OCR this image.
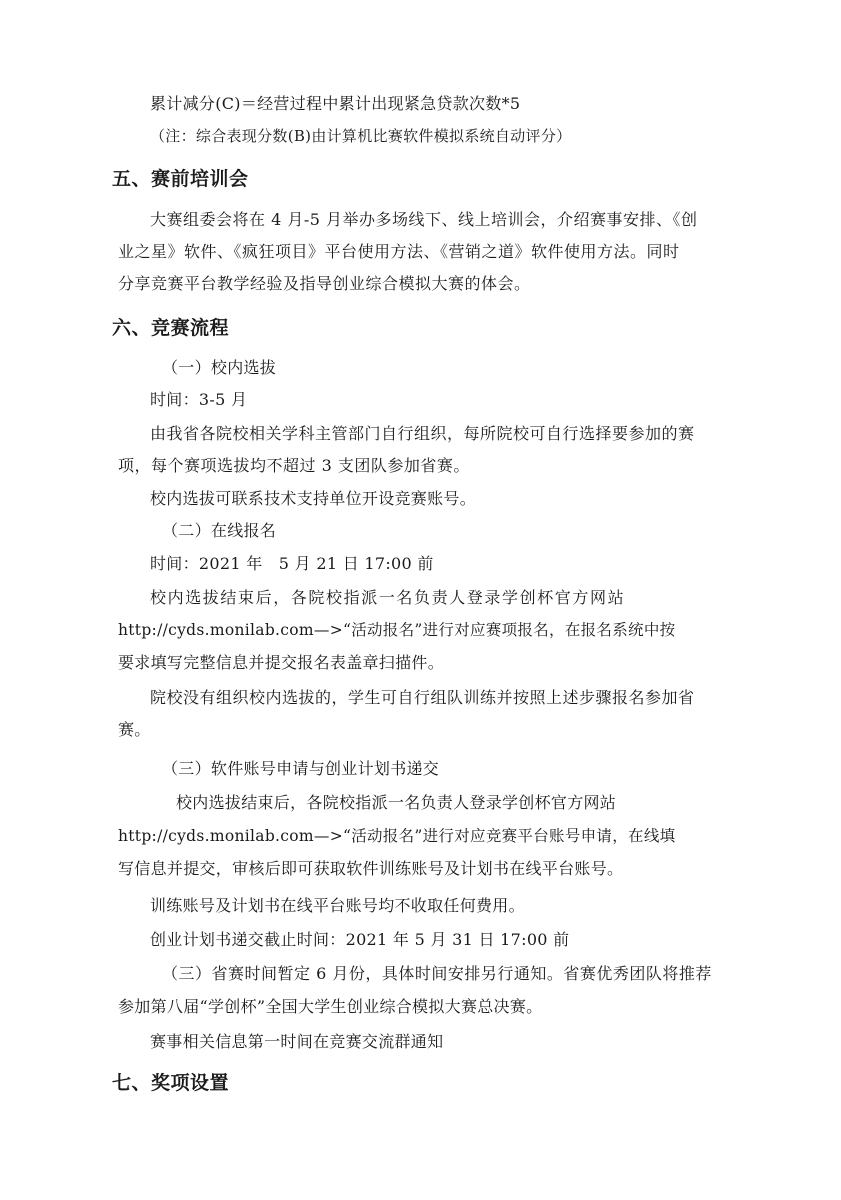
累计减分(C)＝经营过程中累计出现紧急贷款次数*5
（注：综合表现分数(B)由计算机比赛软件模拟系统自动评分）
五、赛前培训会
大赛组委会将在 4 月-5 月举办多场线下、线上培训会，介绍赛事安排、《创
业之星》软件、《疯狂项目》平台使用方法、《营销之道》软件使用方法。同时
分享竞赛平台教学经验及指导创业综合模拟大赛的体会。
六、竞赛流程
（一）校内选拔
时间：3-5 月
由我省各院校相关学科主管部门自行组织，每所院校可自行选择要参加的赛
项，每个赛项选拔均不超过 3 支团队参加省赛。
校内选拔可联系技术支持单位开设竞赛账号。
（二）在线报名
时间：2021 年　5 月 21 日 17:00 前
校内选拔结束后，各院校指派一名负责人登录学创杯官方网站
http://cyds.monilab.com—>“活动报名”进行对应赛项报名，在报名系统中按
要求填写完整信息并提交报名表盖章扫描件。
院校没有组织校内选拔的，学生可自行组队训练并按照上述步骤报名参加省
赛。
（三）软件账号申请与创业计划书递交
校内选拔结束后，各院校指派一名负责人登录学创杯官方网站
http://cyds.monilab.com—>“活动报名”进行对应竞赛平台账号申请，在线填
写信息并提交，审核后即可获取软件训练账号及计划书在线平台账号。
训练账号及计划书在线平台账号均不收取任何费用。
创业计划书递交截止时间：2021 年 5 月 31 日 17:00 前
（三）省赛时间暂定 6 月份，具体时间安排另行通知。省赛优秀团队将推荐
参加第八届“学创杯”全国大学生创业综合模拟大赛总决赛。
赛事相关信息第一时间在竞赛交流群通知
七、奖项设置
